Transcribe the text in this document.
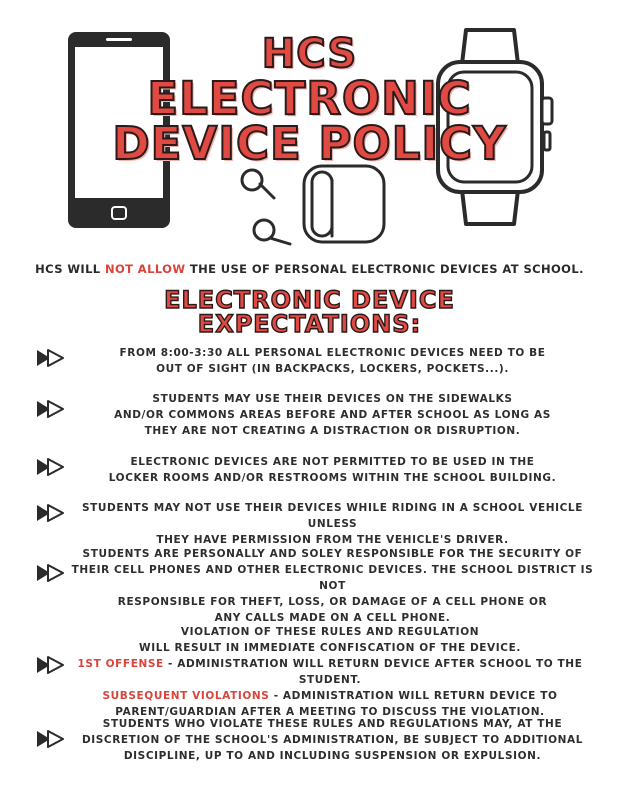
HCS
ELECTRONIC
DEVICE POLICY
HCS WILL NOT ALLOW THE USE OF PERSONAL ELECTRONIC DEVICES AT SCHOOL.
ELECTRONIC DEVICE
EXPECTATIONS:

FROM 8:00-3:30 ALL PERSONAL ELECTRONIC DEVICES NEED TO BE

OUT OF SIGHT (IN BACKPACKS, LOCKERS, POCKETS...).

STUDENTS MAY USE THEIR DEVICES ON THE SIDEWALKS

AND/OR COMMONS AREAS BEFORE AND AFTER SCHOOL AS LONG AS

THEY ARE NOT CREATING A DISTRACTION OR DISRUPTION.

ELECTRONIC DEVICES ARE NOT PERMITTED TO BE USED IN THE

LOCKER ROOMS AND/OR RESTROOMS WITHIN THE SCHOOL BUILDING.

STUDENTS MAY NOT USE THEIR DEVICES WHILE RIDING IN A SCHOOL VEHICLE UNLESS

THEY HAVE PERMISSION FROM THE VEHICLE'S DRIVER.

STUDENTS ARE PERSONALLY AND SOLEY RESPONSIBLE FOR THE SECURITY OF

THEIR CELL PHONES AND OTHER ELECTRONIC DEVICES. THE SCHOOL DISTRICT IS NOT

RESPONSIBLE FOR THEFT, LOSS, OR DAMAGE OF A CELL PHONE OR

ANY CALLS MADE ON A CELL PHONE.

VIOLATION OF THESE RULES AND REGULATION

WILL RESULT IN IMMEDIATE CONFISCATION OF THE DEVICE.

1ST OFFENSE - ADMINISTRATION WILL RETURN DEVICE AFTER SCHOOL TO THE STUDENT.

SUBSEQUENT VIOLATIONS - ADMINISTRATION WILL RETURN DEVICE TO

PARENT/GUARDIAN AFTER A MEETING TO DISCUSS THE VIOLATION.

STUDENTS WHO VIOLATE THESE RULES AND REGULATIONS MAY, AT THE

DISCRETION OF THE SCHOOL'S ADMINISTRATION, BE SUBJECT TO ADDITIONAL

DISCIPLINE, UP TO AND INCLUDING SUSPENSION OR EXPULSION.
